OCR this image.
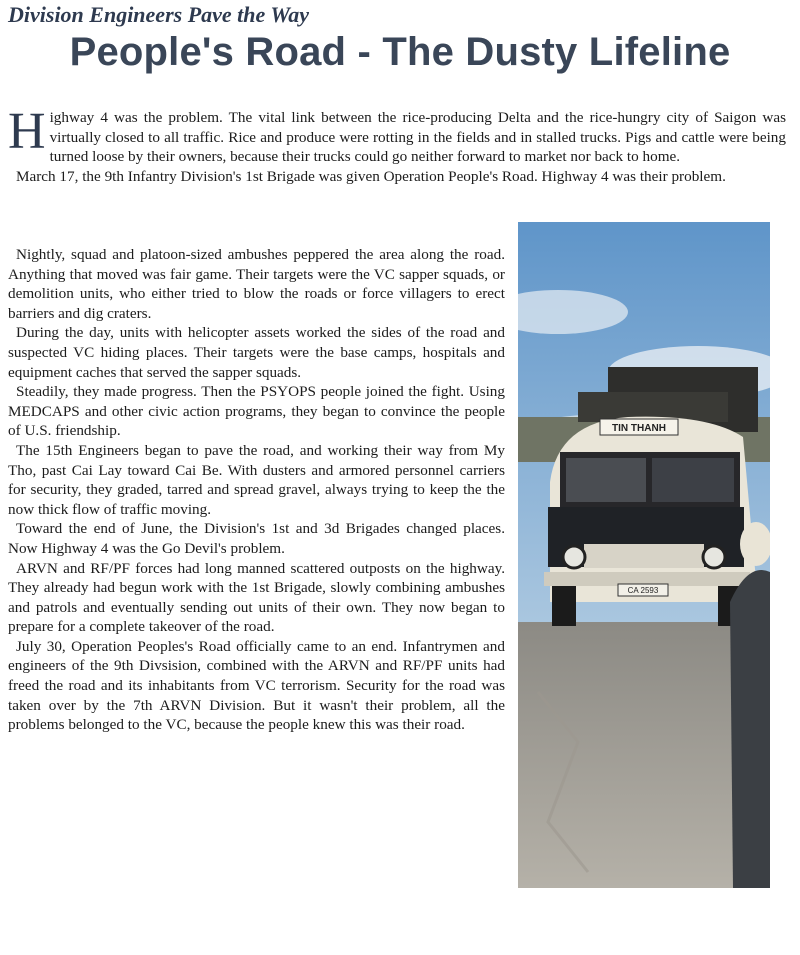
Division Engineers Pave the Way
People's Road - The Dusty Lifeline

Highway 4 was the problem. The vital link between the rice-producing Delta and the rice-hungry city of Saigon was virtually closed to all traffic. Rice and produce were rotting in the fields and in stalled trucks. Pigs and cattle were being turned loose by their owners, because their trucks could go neither forward to market nor back to home.

March 17, the 9th Infantry Division's 1st Brigade was given Operation People's Road. Highway 4 was their problem.

Nightly, squad and platoon-sized ambushes peppered the area along the road. Anything that moved was fair game. Their targets were the VC sapper squads, or demolition units, who either tried to blow the roads or force villagers to erect barriers and dig craters.

During the day, units with helicopter assets worked the sides of the road and suspected VC hiding places. Their targets were the base camps, hospitals and equipment caches that served the sapper squads.

Steadily, they made progress. Then the PSYOPS people joined the fight. Using MEDCAPS and other civic action programs, they began to convince the people of U.S. friendship.

The 15th Engineers began to pave the road, and working their way from My Tho, past Cai Lay toward Cai Be. With dusters and armored personnel carriers for security, they graded, tarred and spread gravel, always trying to keep the the now thick flow of traffic moving.

Toward the end of June, the Division's 1st and 3d Brigades changed places. Now Highway 4 was the Go Devil's problem.

ARVN and RF/PF forces had long manned scattered outposts on the highway. They already had begun work with the 1st Brigade, slowly combining ambushes and patrols and eventually sending out units of their own. They now began to prepare for a complete takeover of the road.

July 30, Operation Peoples's Road officially came to an end. Infantrymen and engineers of the 9th Divsision, combined with the ARVN and RF/PF units had freed the road and its inhabitants from VC terrorism. Security for the road was taken over by the 7th ARVN Division. But it wasn't their problem, all the problems belonged to the VC, because the people knew this was their road.

TIN THANH
CA 2593
